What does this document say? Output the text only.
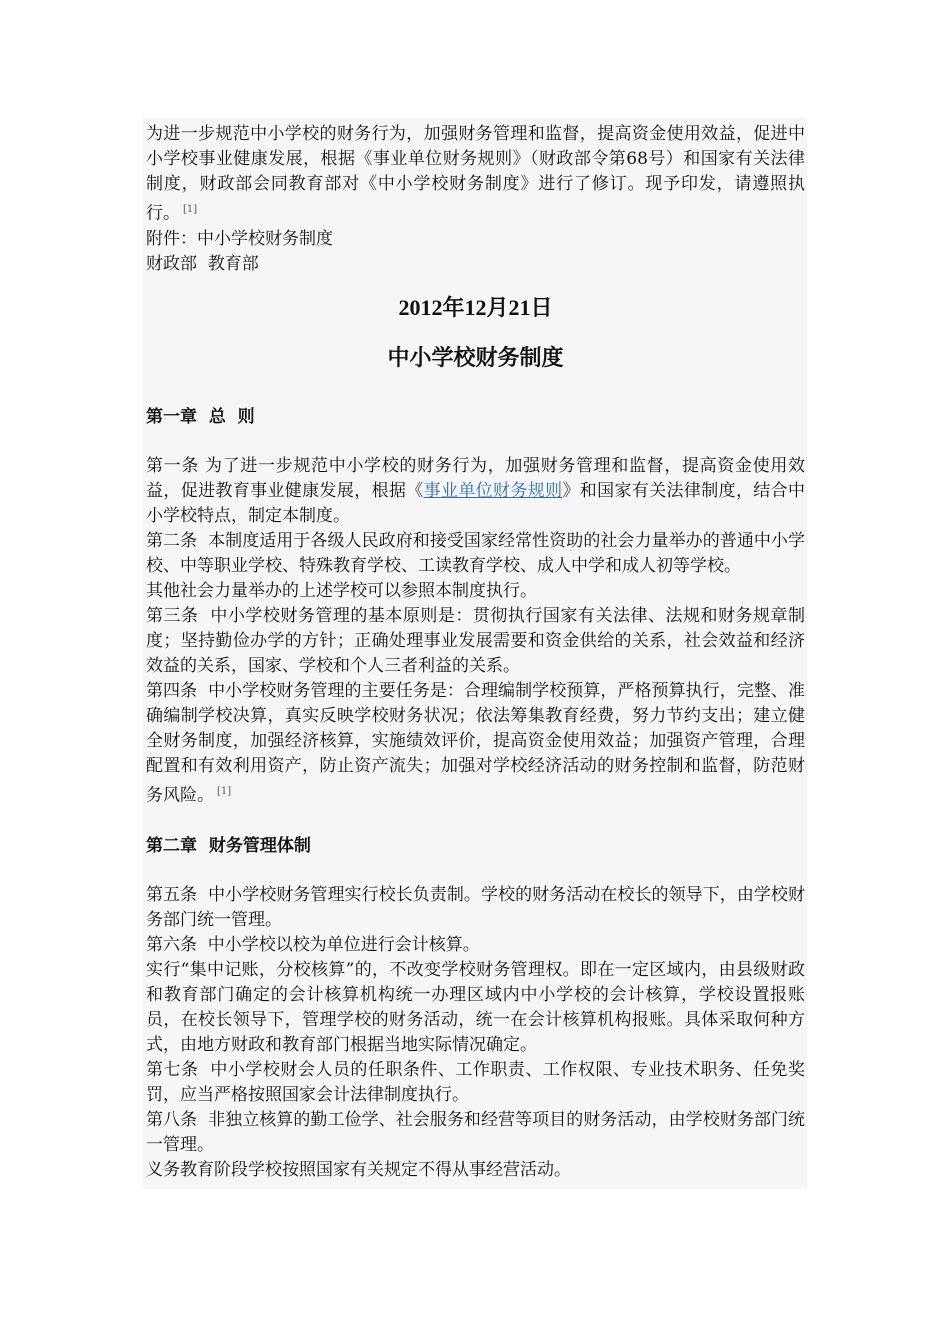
为进一步规范中小学校的财务行为，加强财务管理和监督，提高资金使用效益，促进中小学校事业健康发展，根据《事业单位财务规则》（财政部令第68号）和国家有关法律制度，财政部会同教育部对《中小学校财务制度》进行了修订。现予印发，请遵照执行。 [1]

附件：中小学校财务制度

财政部  教育部

2012年12月21日
中小学校财务制度
第一章  总  则

第一条 为了进一步规范中小学校的财务行为，加强财务管理和监督，提高资金使用效益，促进教育事业健康发展，根据《事业单位财务规则》和国家有关法律制度，结合中小学校特点，制定本制度。

第二条  本制度适用于各级人民政府和接受国家经常性资助的社会力量举办的普通中小学校、中等职业学校、特殊教育学校、工读教育学校、成人中学和成人初等学校。

其他社会力量举办的上述学校可以参照本制度执行。

第三条  中小学校财务管理的基本原则是：贯彻执行国家有关法律、法规和财务规章制度；坚持勤俭办学的方针；正确处理事业发展需要和资金供给的关系，社会效益和经济效益的关系，国家、学校和个人三者利益的关系。

第四条  中小学校财务管理的主要任务是：合理编制学校预算，严格预算执行，完整、准确编制学校决算，真实反映学校财务状况；依法筹集教育经费，努力节约支出；建立健全财务制度，加强经济核算，实施绩效评价，提高资金使用效益；加强资产管理，合理配置和有效利用资产，防止资产流失；加强对学校经济活动的财务控制和监督，防范财务风险。 [1]

第二章  财务管理体制

第五条  中小学校财务管理实行校长负责制。学校的财务活动在校长的领导下，由学校财务部门统一管理。

第六条  中小学校以校为单位进行会计核算。

实行“集中记账，分校核算”的，不改变学校财务管理权。即在一定区域内，由县级财政和教育部门确定的会计核算机构统一办理区域内中小学校的会计核算，学校设置报账员，在校长领导下，管理学校的财务活动，统一在会计核算机构报账。具体采取何种方式，由地方财政和教育部门根据当地实际情况确定。

第七条  中小学校财会人员的任职条件、工作职责、工作权限、专业技术职务、任免奖罚，应当严格按照国家会计法律制度执行。

第八条  非独立核算的勤工俭学、社会服务和经营等项目的财务活动，由学校财务部门统一管理。

义务教育阶段学校按照国家有关规定不得从事经营活动。
